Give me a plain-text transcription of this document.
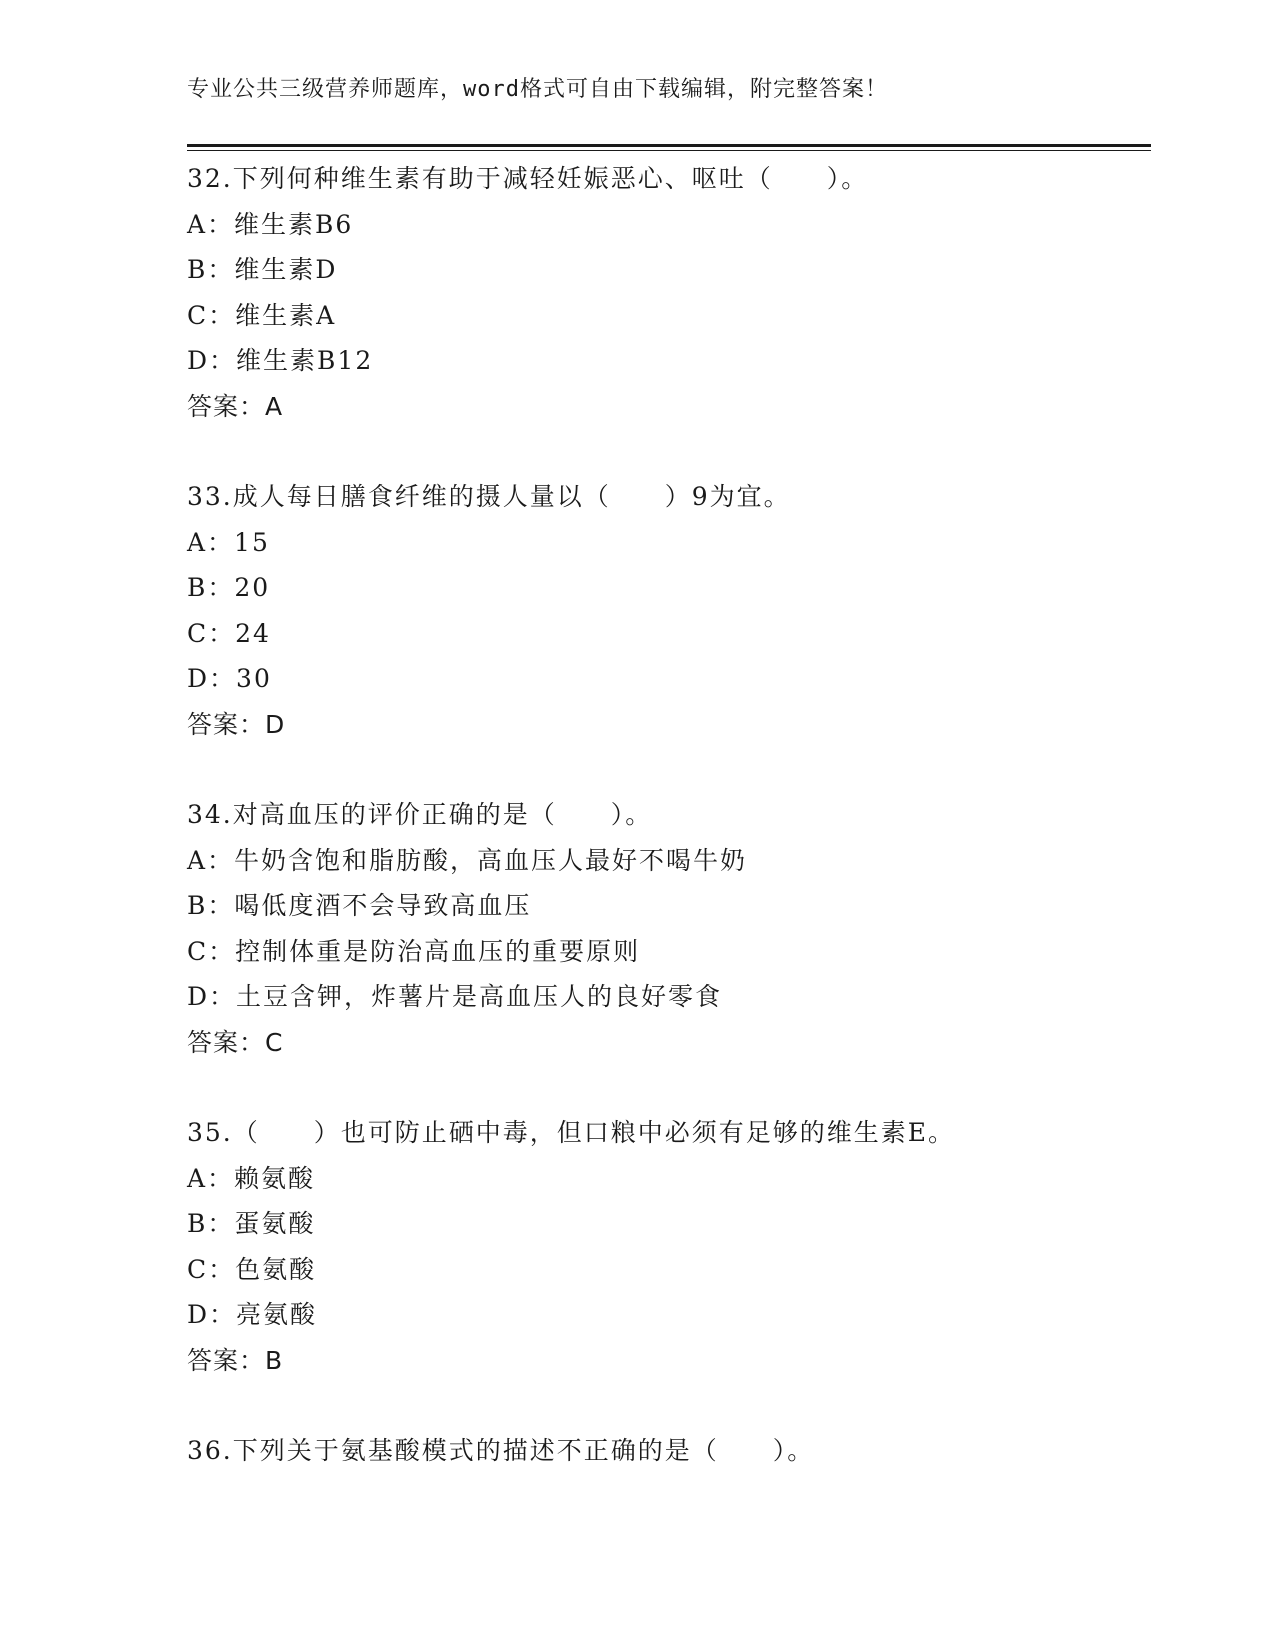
专业公共三级营养师题库，word格式可自由下载编辑，附完整答案！
32.下列何种维生素有助于减轻妊娠恶心、呕吐（　　）。
A：维生素B6
B：维生素D
C：维生素A
D：维生素B12
答案：A
33.成人每日膳食纤维的摄人量以（　　）9为宜。
A：15
B：20
C：24
D：30
答案：D
34.对高血压的评价正确的是（　　）。
A：牛奶含饱和脂肪酸，高血压人最好不喝牛奶
B：喝低度酒不会导致高血压
C：控制体重是防治高血压的重要原则
D：土豆含钾，炸薯片是高血压人的良好零食
答案：C
35.（　　）也可防止硒中毒，但口粮中必须有足够的维生素E。
A：赖氨酸
B：蛋氨酸
C：色氨酸
D：亮氨酸
答案：B
36.下列关于氨基酸模式的描述不正确的是（　　）。
